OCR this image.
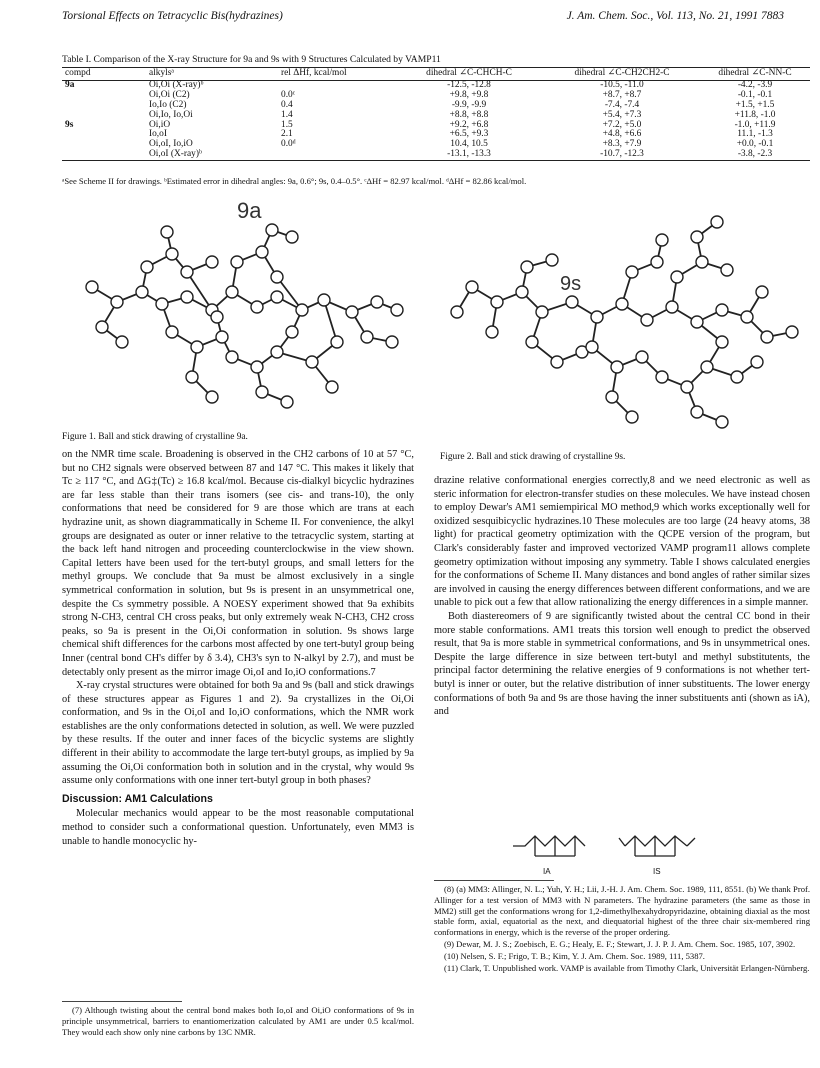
Torsional Effects on Tetracyclic Bis(hydrazines)	J. Am. Chem. Soc., Vol. 113, No. 21, 1991 7883
Table I. Comparison of the X-ray Structure for 9a and 9s with 9 Structures Calculated by VAMP11
compd	alkylsᵃ	rel ΔHf, kcal/mol	dihedral ∠C-CHCH-C	dihedral ∠C-CH2CH2-C	dihedral ∠C-NN-C
9a	Oi,Oi (X-ray)ᵇ		-12.5, -12.8	-10.5, -11.0	-4.2, -3.9
	Oi,Oi (C2)	0.0ᶜ	+9.8, +9.8	+8.7, +8.7	-0.1, -0.1
	Io,Io (C2)	0.4	-9.9, -9.9	-7.4, -7.4	+1.5, +1.5
	Oi,Io, Io,Oi	1.4	+8.8, +8.8	+5.4, +7.3	+11.8, -1.0
9s	Oi,iO	1.5	+9.2, +6.8	+7.2, +5.0	-1.0, +11.9
	Io,oI	2.1	+6.5, +9.3	+4.8, +6.6	11.1, -1.3
	Oi,oI, Io,iO	0.0ᵈ	10.4, 10.5	+8.3, +7.9	+0.0, -0.1
	Oi,oI (X-ray)ᵇ		-13.1, -13.3	-10.7, -12.3	-3.8, -2.3
ᵃSee Scheme II for drawings. ᵇEstimated error in dihedral angles: 9a, 0.6°; 9s, 0.4–0.5°. ᶜΔHf = 82.97 kcal/mol. ᵈΔHf = 82.86 kcal/mol.
9a
Figure 1. Ball and stick drawing of crystalline 9a.
9s
Figure 2. Ball and stick drawing of crystalline 9s.

on the NMR time scale. Broadening is observed in the CH2 carbons of 10 at 57 °C, but no CH2 signals were observed between 87 and 147 °C. This makes it likely that Tc ≥ 117 °C, and ΔG‡(Tc) ≥ 16.8 kcal/mol. Because cis-dialkyl bicyclic hydrazines are far less stable than their trans isomers (see cis- and trans-10), the only conformations that need be considered for 9 are those which are trans at each hydrazine unit, as shown diagrammatically in Scheme II. For convenience, the alkyl groups are designated as outer or inner relative to the tetracyclic system, starting at the back left hand nitrogen and proceeding counterclockwise in the view shown. Capital letters have been used for the tert-butyl groups, and small letters for the methyl groups. We conclude that 9a must be almost exclusively in a single symmetrical conformation in solution, but 9s is present in an unsymmetrical one, despite the Cs symmetry possible. A NOESY experiment showed that 9a exhibits strong N-CH3, central CH cross peaks, but only extremely weak N-CH3, CH2 cross peaks, so 9a is present in the Oi,Oi conformation in solution. 9s shows large chemical shift differences for the carbons most affected by one tert-butyl group being Inner (central bond CH's differ by δ 3.4), CH3's syn to N-alkyl by 2.7), and must be detectably only present as the mirror image Oi,oI and Io,iO conformations.7

X-ray crystal structures were obtained for both 9a and 9s (ball and stick drawings of these structures appear as Figures 1 and 2). 9a crystallizes in the Oi,Oi conformation, and 9s in the Oi,oI and Io,iO conformations, which the NMR work establishes are the only conformations detected in solution, as well. We were puzzled by these results. If the outer and inner faces of the bicyclic systems are slightly different in their ability to accommodate the large tert-butyl groups, as implied by 9a assuming the Oi,Oi conformation both in solution and in the crystal, why would 9s assume only conformations with one inner tert-butyl group in both phases?

Discussion: AM1 Calculations

Molecular mechanics would appear to be the most reasonable computational method to consider such a conformational question. Unfortunately, even MM3 is unable to handle monocyclic hy-

(7) Although twisting about the central bond makes both Io,oI and Oi,iO conformations of 9s in principle unsymmetrical, barriers to enantiomerization calculated by AM1 are under 0.5 kcal/mol. They would each show only nine carbons by 13C NMR.

drazine relative conformational energies correctly,8 and we need electronic as well as steric information for electron-transfer studies on these molecules. We have instead chosen to employ Dewar's AM1 semiempirical MO method,9 which works exceptionally well for oxidized sesquibicyclic hydrazines.10 These molecules are too large (24 heavy atoms, 38 light) for practical geometry optimization with the QCPE version of the program, but Clark's considerably faster and improved vectorized VAMP program11 allows complete geometry optimization without imposing any symmetry. Table I shows calculated energies for the conformations of Scheme II. Many distances and bond angles of rather similar sizes are involved in causing the energy differences between different conformations, and we are unable to pick out a few that allow rationalizing the energy differences in a simple manner.

Both diastereomers of 9 are significantly twisted about the central CC bond in their more stable conformations. AM1 treats this torsion well enough to predict the observed result, that 9a is more stable in symmetrical conformations, and 9s in unsymmetrical ones. Despite the large difference in size between tert-butyl and methyl substitutents, the principal factor determining the relative energies of 9 conformations is not whether tert-butyl is inner or outer, but the relative distribution of inner substituents. The lower energy conformations of both 9a and 9s are those having the inner substituents anti (shown as iA), and

IA	IS

(8) (a) MM3: Allinger, N. L.; Yuh, Y. H.; Lii, J.-H. J. Am. Chem. Soc. 1989, 111, 8551. (b) We thank Prof. Allinger for a test version of MM3 with N parameters. The hydrazine parameters (the same as those in MM2) still get the conformations wrong for 1,2-dimethylhexahydropyridazine, obtaining diaxial as the most stable form, axial, equatorial as the next, and diequatorial highest of the three chair six-membered ring conformations in energy, which is the reverse of the proper ordering.

(9) Dewar, M. J. S.; Zoebisch, E. G.; Healy, E. F.; Stewart, J. J. P. J. Am. Chem. Soc. 1985, 107, 3902.

(10) Nelsen, S. F.; Frigo, T. B.; Kim, Y. J. Am. Chem. Soc. 1989, 111, 5387.

(11) Clark, T. Unpublished work. VAMP is available from Timothy Clark, Universität Erlangen-Nürnberg.
